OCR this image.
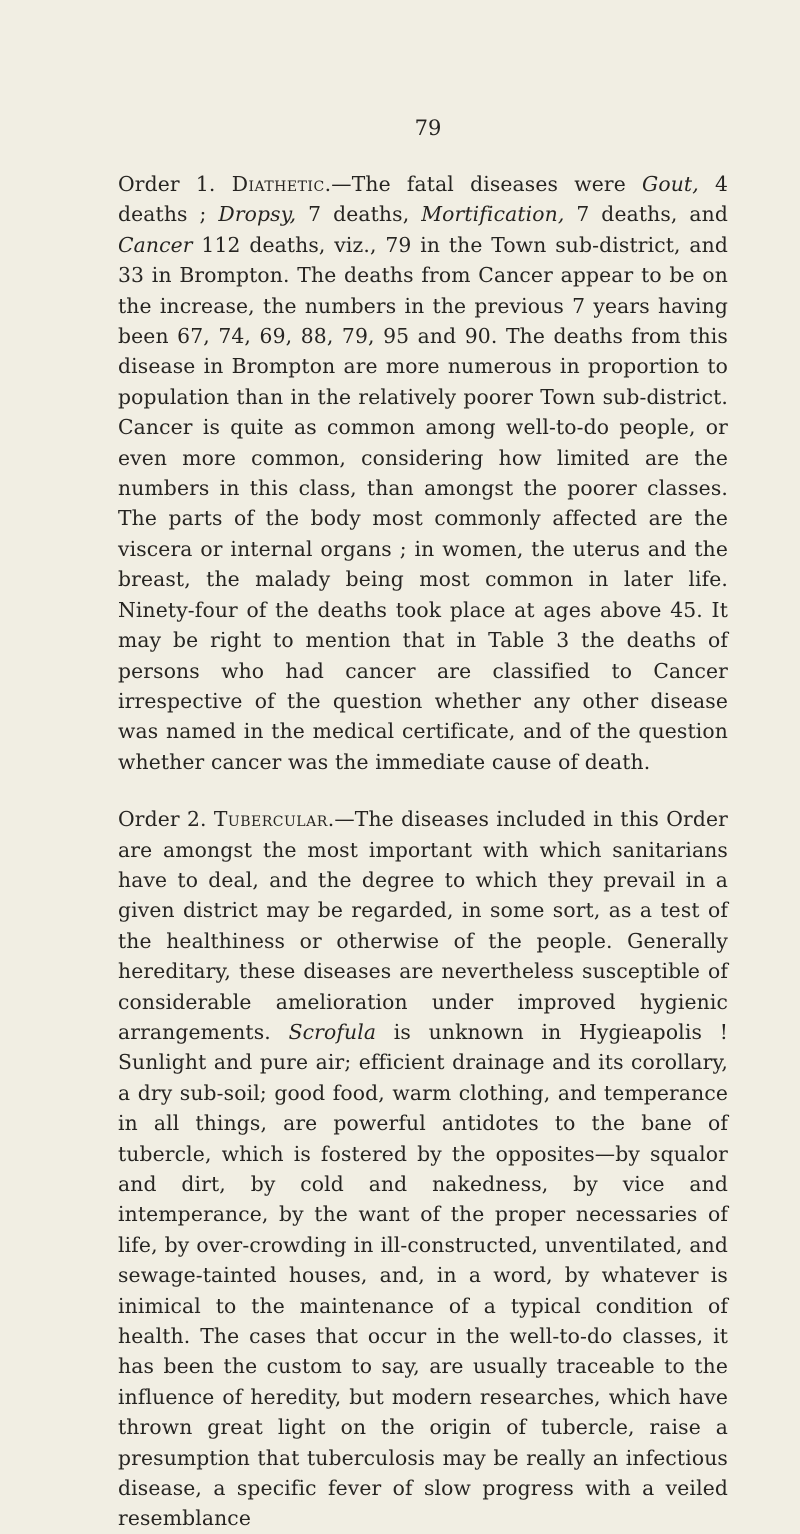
79

Order 1. Diathetic.—The fatal diseases were Gout, 4 deaths ; Dropsy, 7 deaths, Mortification, 7 deaths, and Cancer 112 deaths, viz., 79 in the Town sub-district, and 33 in Brompton. The deaths from Cancer appear to be on the increase, the numbers in the previous 7 years having been 67, 74, 69, 88, 79, 95 and 90. The deaths from this disease in Brompton are more numerous in proportion to population than in the relatively poorer Town sub-district. Cancer is quite as common among well-to-do people, or even more common, considering how limited are the numbers in this class, than amongst the poorer classes. The parts of the body most commonly affected are the viscera or internal organs ; in women, the uterus and the breast, the malady being most common in later life. Ninety-four of the deaths took place at ages above 45. It may be right to mention that in Table 3 the deaths of persons who had cancer are classified to Cancer irrespective of the question whether any other disease was named in the medical certificate, and of the question whether cancer was the immediate cause of death.

Order 2. Tubercular.—The diseases included in this Order are amongst the most important with which sanitarians have to deal, and the degree to which they prevail in a given district may be regarded, in some sort, as a test of the healthiness or otherwise of the people. Generally hereditary, these diseases are nevertheless susceptible of considerable amelioration under improved hygienic arrangements. Scrofula is unknown in Hygieapolis ! Sunlight and pure air; efficient drainage and its corollary, a dry sub-soil; good food, warm clothing, and temperance in all things, are powerful antidotes to the bane of tubercle, which is fostered by the opposites—by squalor and dirt, by cold and nakedness, by vice and intemperance, by the want of the proper necessaries of life, by over-crowding in ill-constructed, unventilated, and sewage-tainted houses, and, in a word, by whatever is inimical to the maintenance of a typical condition of health. The cases that occur in the well-to-do classes, it has been the custom to say, are usually traceable to the influence of heredity, but modern researches, which have thrown great light on the origin of tubercle, raise a presumption that tuberculosis may be really an infectious disease, a specific fever of slow progress with a veiled resemblance
